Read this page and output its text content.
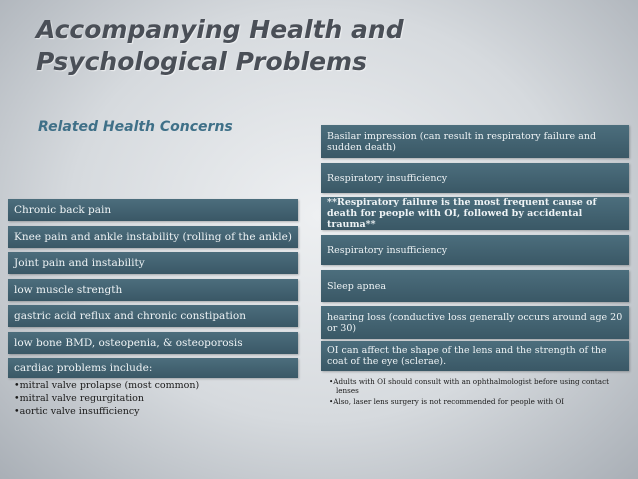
Accompanying Health and
Psychological Problems
Related Health Concerns
Chronic back pain
Knee pain and ankle instability (rolling of the ankle)
Joint pain and instability
low muscle strength
gastric acid reflux and chronic constipation
low bone BMD, osteopenia, & osteoporosis
cardiac problems include:
•mitral valve prolapse (most common)
•mitral valve regurgitation
•aortic valve insufficiency
Basilar impression (can result in respiratory failure and sudden death)
Respiratory insufficiency
**Respiratory failure is the most frequent cause of death for people with OI, followed by accidental trauma**
Respiratory insufficiency
Sleep apnea
hearing loss (conductive loss generally occurs around age 20 or 30)
OI can affect the shape of the lens and the strength of the coat of the eye (sclerae).
•Adults with OI should consult with an ophthalmologist before using contact
lenses
•Also, laser lens surgery is not recommended for people with OI
